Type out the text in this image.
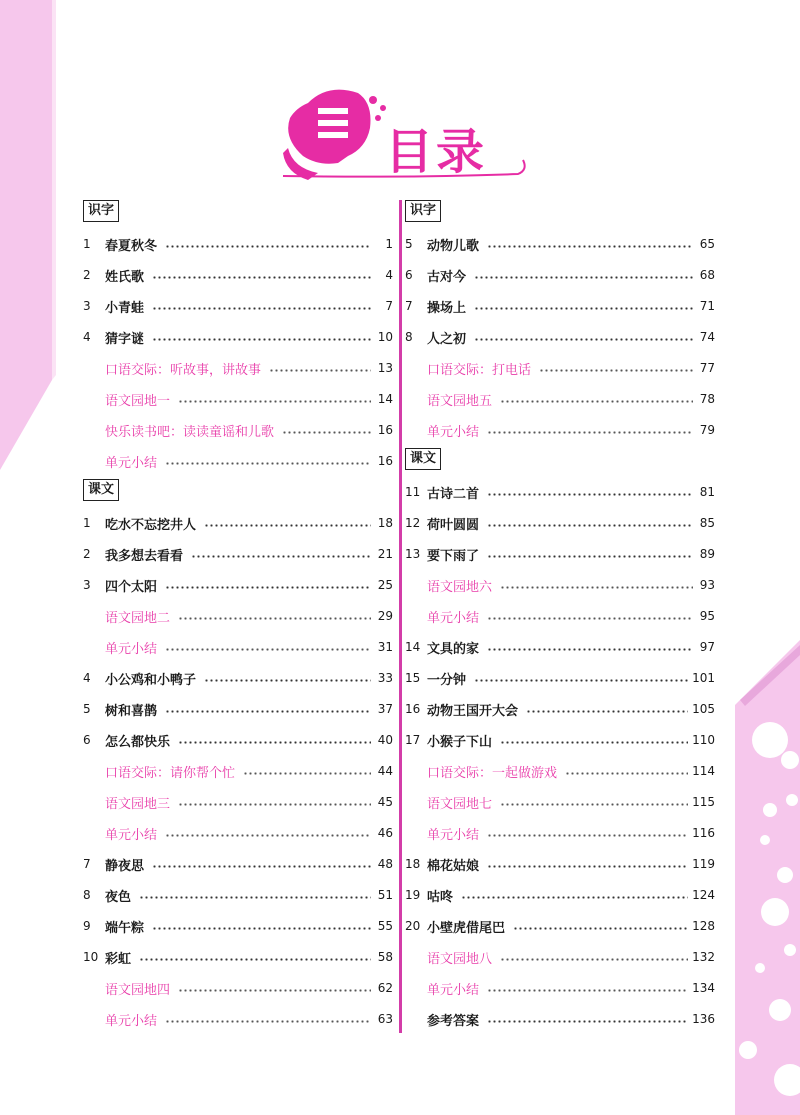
目录
识字
1	春夏秋冬	1
2	姓氏歌	4
3	小青蛙	7
4	猜字谜	10
口语交际：听故事，讲故事	13
语文园地一	14
快乐读书吧：读读童谣和儿歌	16
单元小结	16
课文
1	吃水不忘挖井人	18
2	我多想去看看	21
3	四个太阳	25
语文园地二	29
单元小结	31
4	小公鸡和小鸭子	33
5	树和喜鹊	37
6	怎么都快乐	40
口语交际：请你帮个忙	44
语文园地三	45
单元小结	46
7	静夜思	48
8	夜色	51
9	端午粽	55
10 彩虹	58
语文园地四	62
单元小结	63
识字
5	动物儿歌	65
6	古对今	68
7	操场上	71
8	人之初	74
口语交际：打电话	77
语文园地五	78
单元小结	79
课文
11 古诗二首	81
12 荷叶圆圆	85
13 要下雨了	89
语文园地六	93
单元小结	95
14 文具的家	97
15 一分钟	101
16 动物王国开大会	105
17 小猴子下山	110
口语交际：一起做游戏	114
语文园地七	115
单元小结	116
18 棉花姑娘	119
19 咕咚	124
20 小壁虎借尾巴	128
语文园地八	132
单元小结	134
参考答案	136
